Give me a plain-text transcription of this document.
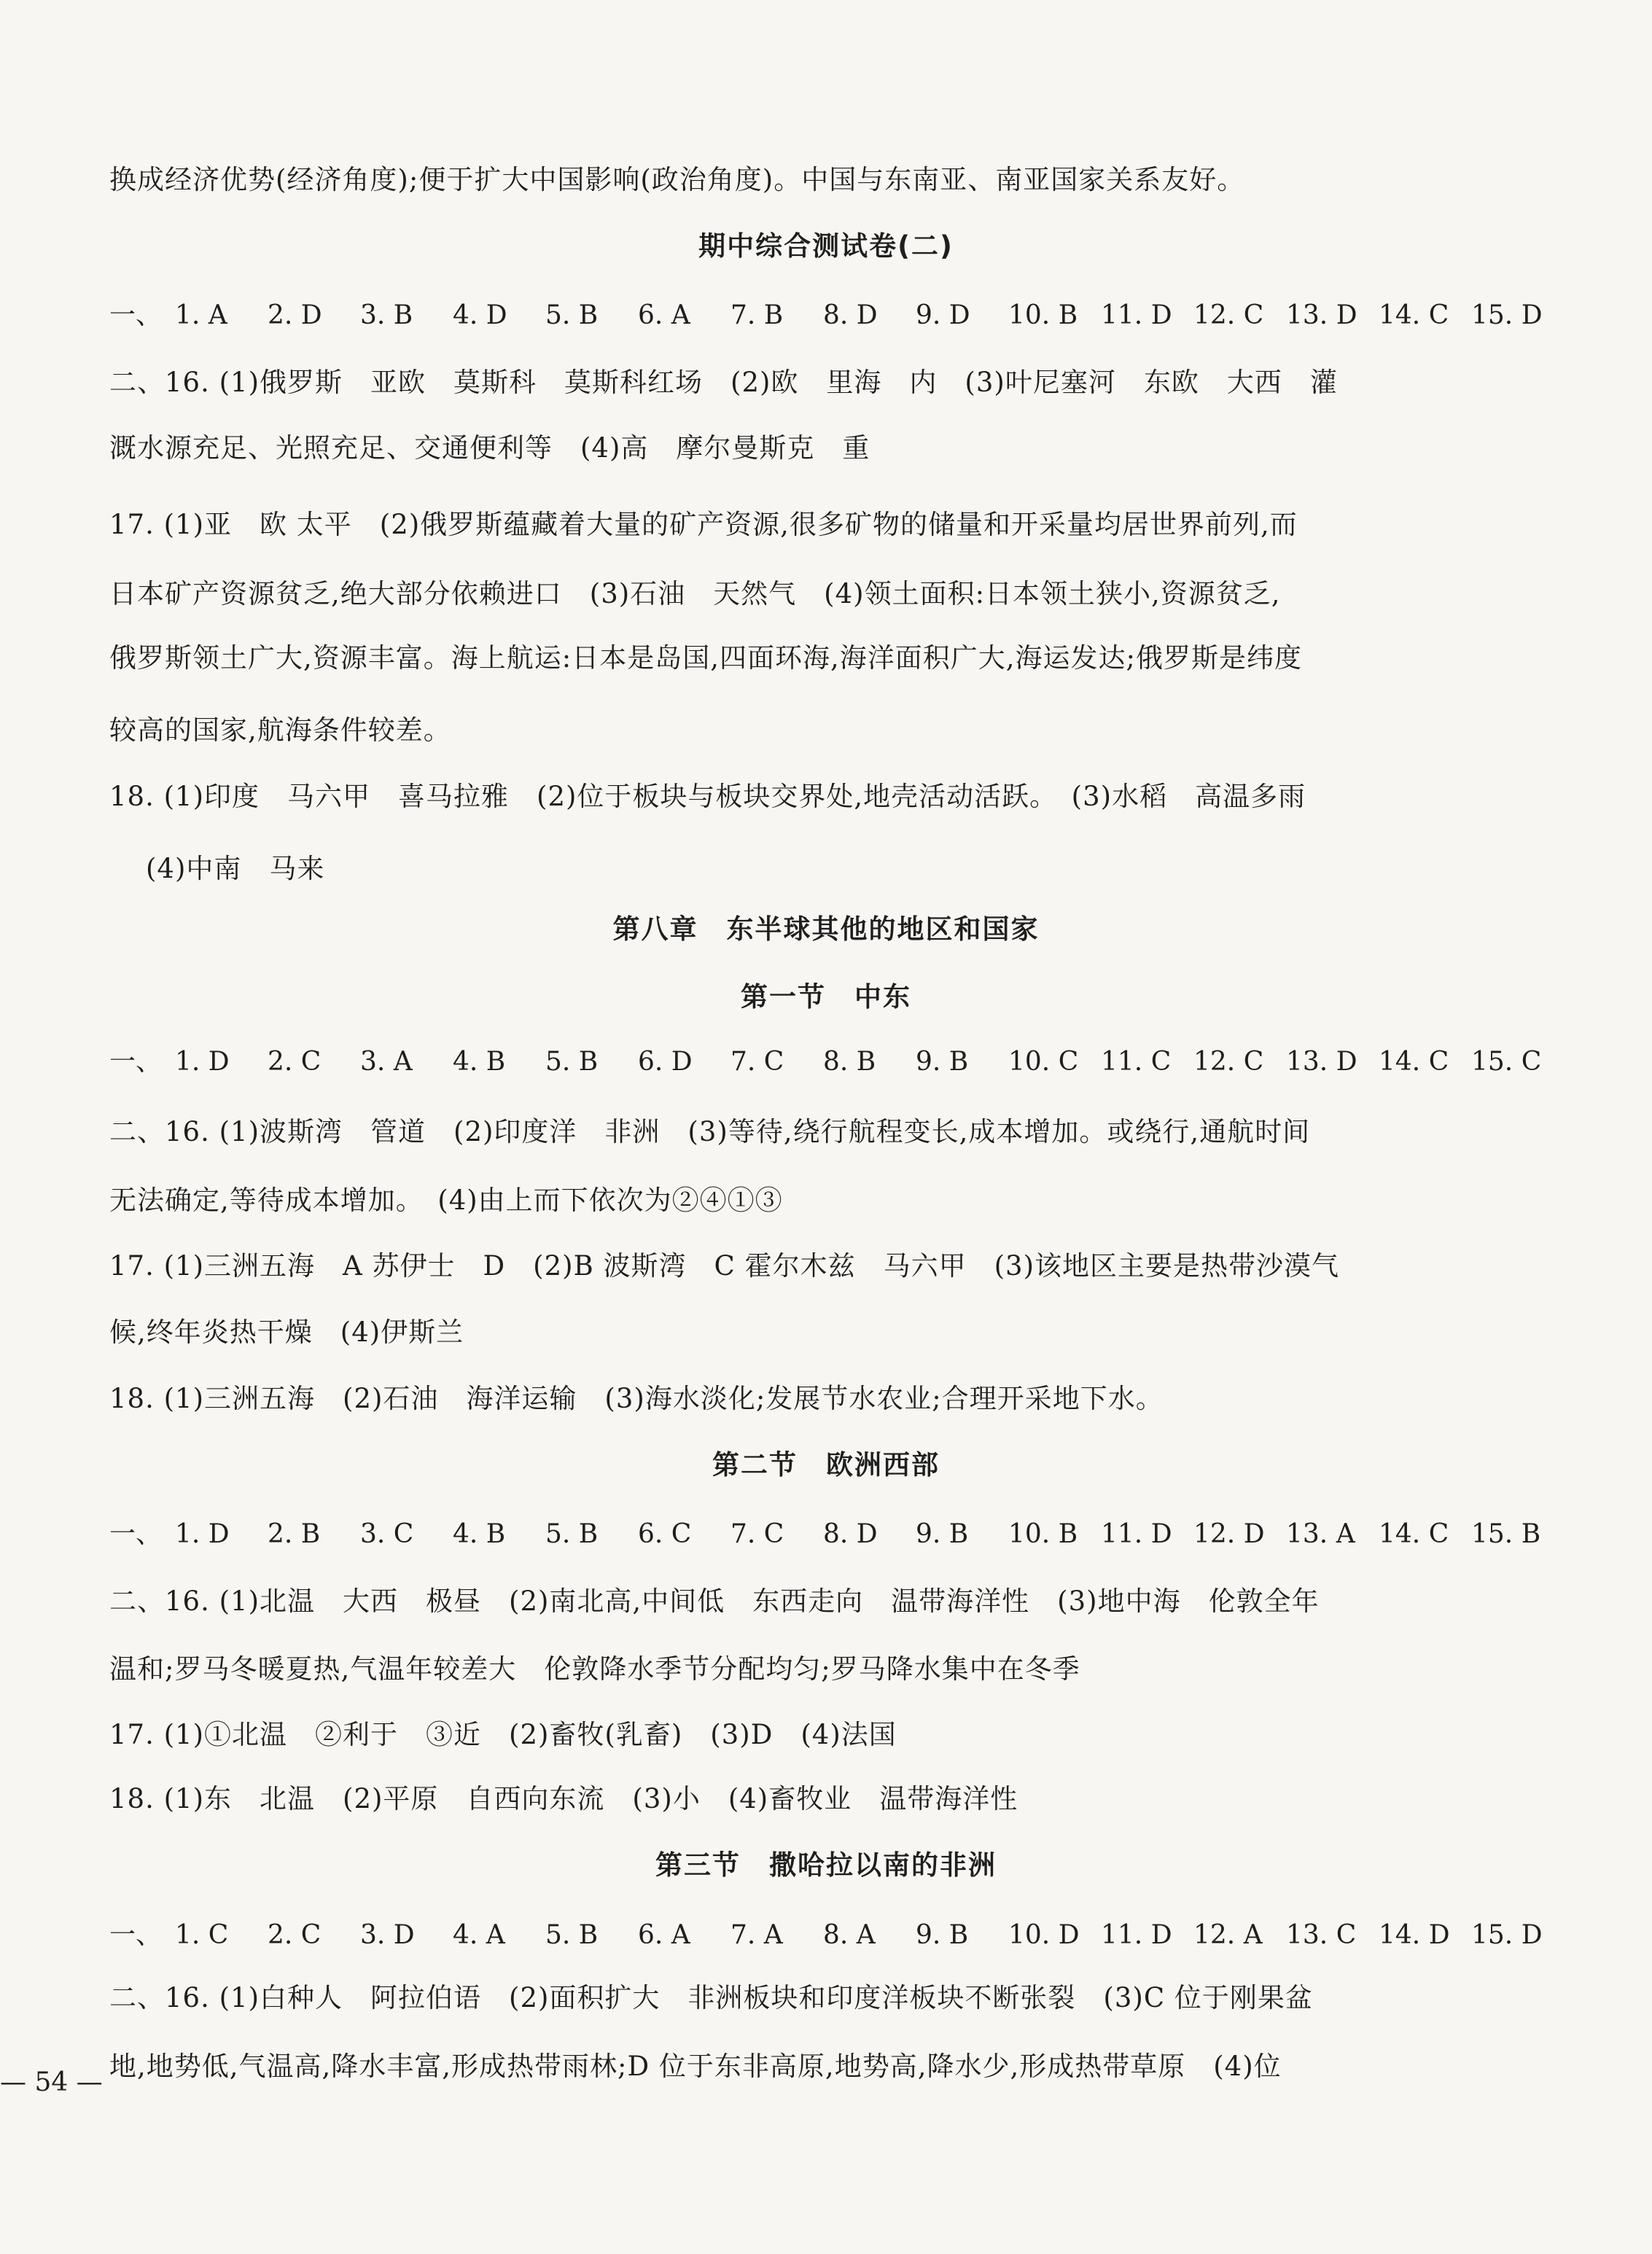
换成经济优势(经济角度);便于扩大中国影响(政治角度)。中国与东南亚、南亚国家关系友好。
期中综合测试卷(二)
一、 1. A 2. D 3. B 4. D 5. B 6. A 7. B 8. D 9. D 10. B 11. D 12. C 13. D 14. C 15. D
二、16. (1)俄罗斯　亚欧　莫斯科　莫斯科红场　(2)欧　里海　内　(3)叶尼塞河　东欧　大西　灌
溉水源充足、光照充足、交通便利等　(4)高　摩尔曼斯克　重
17. (1)亚　欧 太平　(2)俄罗斯蕴藏着大量的矿产资源,很多矿物的储量和开采量均居世界前列,而
日本矿产资源贫乏,绝大部分依赖进口　(3)石油　天然气　(4)领土面积:日本领土狭小,资源贫乏,
俄罗斯领土广大,资源丰富。海上航运:日本是岛国,四面环海,海洋面积广大,海运发达;俄罗斯是纬度
较高的国家,航海条件较差。
18. (1)印度　马六甲　喜马拉雅　(2)位于板块与板块交界处,地壳活动活跃。　(3)水稻　高温多雨
(4)中南　马来
第八章　东半球其他的地区和国家
第一节　中东
一、 1. D 2. C 3. A 4. B 5. B 6. D 7. C 8. B 9. B 10. C 11. C 12. C 13. D 14. C 15. C
二、16. (1)波斯湾　管道　(2)印度洋　非洲　(3)等待,绕行航程变长,成本增加。或绕行,通航时间
无法确定,等待成本增加。　(4)由上而下依次为②④①③
17. (1)三洲五海　A 苏伊士　D　(2)B 波斯湾　C 霍尔木兹　马六甲　(3)该地区主要是热带沙漠气
候,终年炎热干燥　(4)伊斯兰
18. (1)三洲五海　(2)石油　海洋运输　(3)海水淡化;发展节水农业;合理开采地下水。
第二节　欧洲西部
一、 1. D 2. B 3. C 4. B 5. B 6. C 7. C 8. D 9. B 10. B 11. D 12. D 13. A 14. C 15. B
二、16. (1)北温　大西　极昼　(2)南北高,中间低　东西走向　温带海洋性　(3)地中海　伦敦全年
温和;罗马冬暖夏热,气温年较差大　伦敦降水季节分配均匀;罗马降水集中在冬季
17. (1)①北温　②利于　③近　(2)畜牧(乳畜)　(3)D　(4)法国
18. (1)东　北温　(2)平原　自西向东流　(3)小　(4)畜牧业　温带海洋性
第三节　撒哈拉以南的非洲
一、 1. C 2. C 3. D 4. A 5. B 6. A 7. A 8. A 9. B 10. D 11. D 12. A 13. C 14. D 15. D
二、16. (1)白种人　阿拉伯语　(2)面积扩大　非洲板块和印度洋板块不断张裂　(3)C 位于刚果盆
地,地势低,气温高,降水丰富,形成热带雨林;D 位于东非高原,地势高,降水少,形成热带草原　(4)位
— 54 —
